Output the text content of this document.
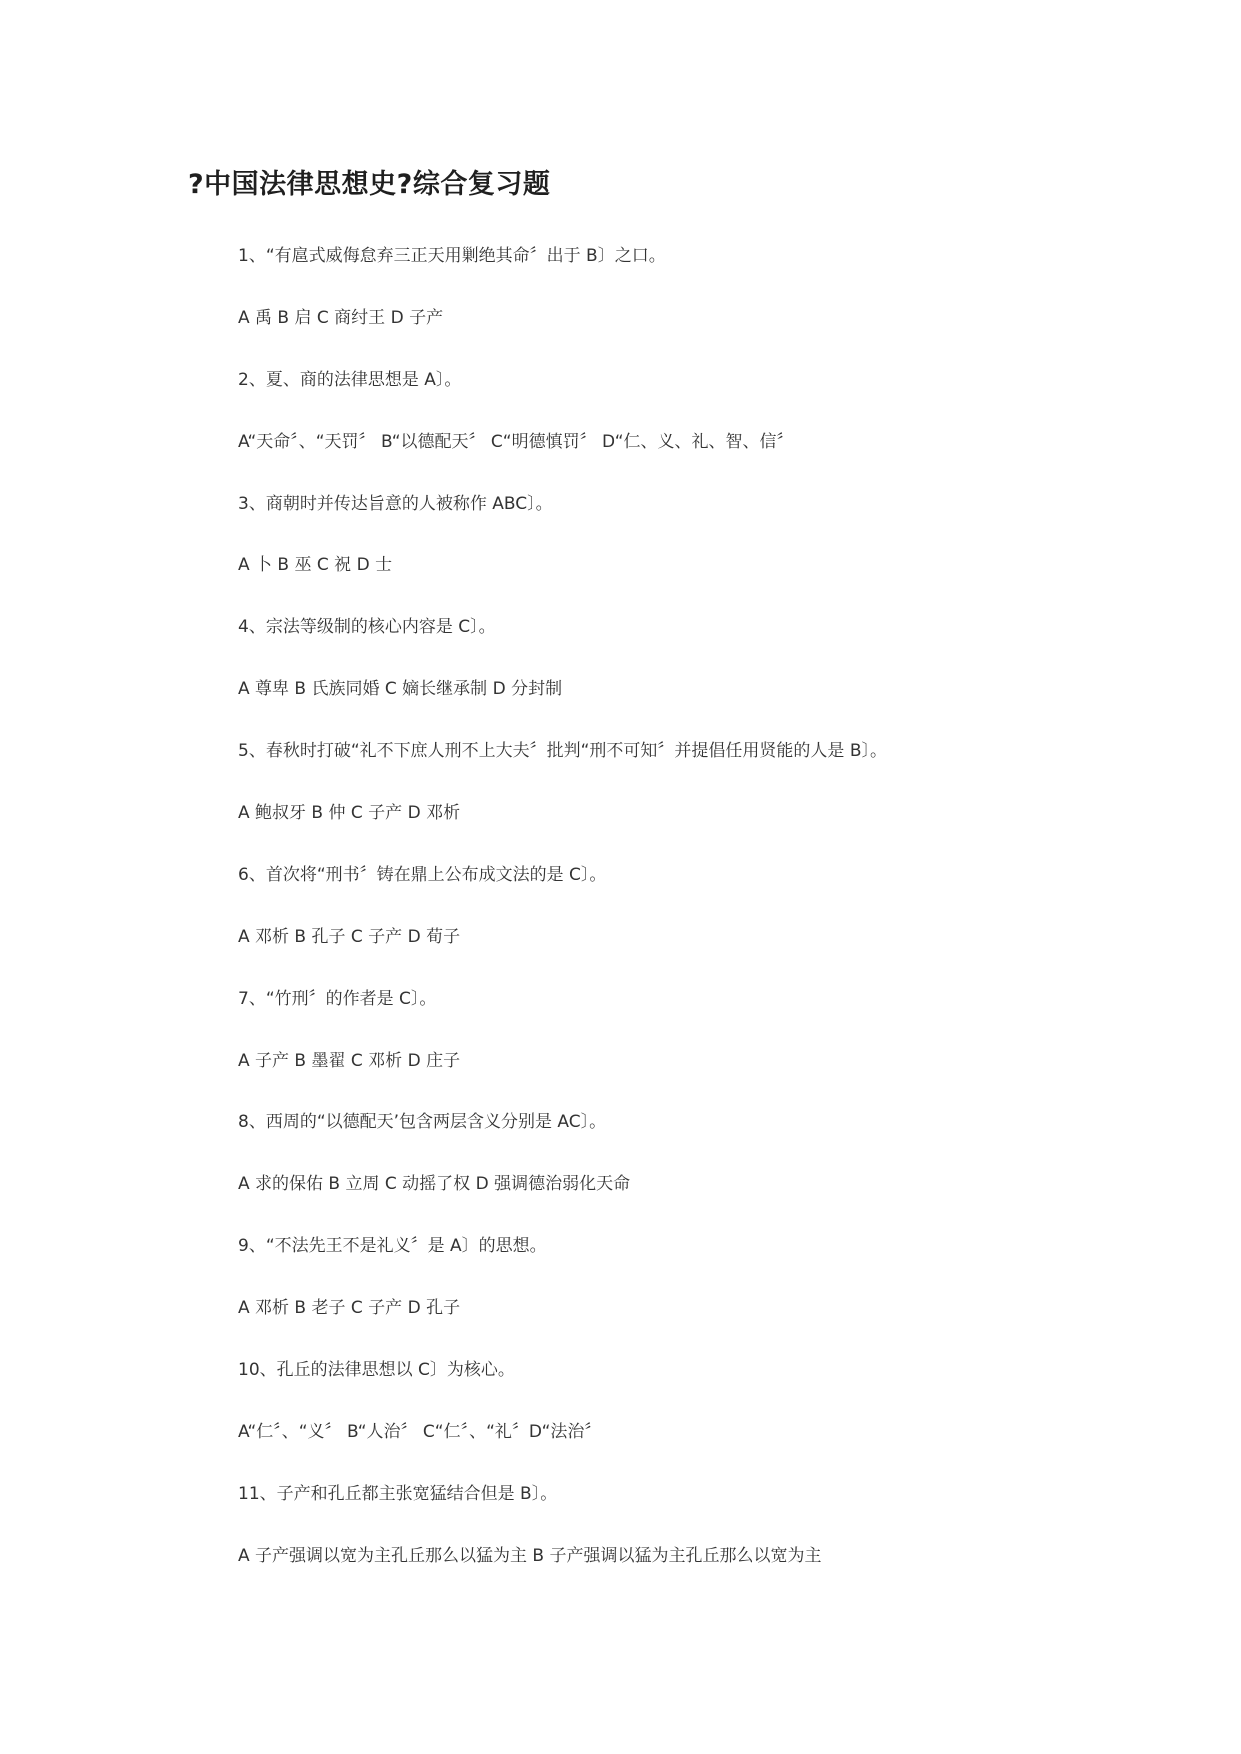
?中国法律思想史?综合复习题
1、“有扈式威侮怠弃三正天用剿绝其命〞出于 B〕之口。
A 禹 B 启 C 商纣王 D 子产
2、夏、商的法律思想是 A〕。
A“天命〞、“天罚〞 B“以德配天〞 C“明德慎罚〞 D“仁、义、礼、智、信〞
3、商朝时并传达旨意的人被称作 ABC〕。
A 卜 B 巫 C 祝 D 士
4、宗法等级制的核心内容是 C〕。
A 尊卑 B 氏族同婚 C 嫡长继承制 D 分封制
5、春秋时打破“礼不下庶人刑不上大夫〞批判“刑不可知〞并提倡任用贤能的人是 B〕。
A 鲍叔牙 B 仲 C 子产 D 邓析
6、首次将“刑书〞铸在鼎上公布成文法的是 C〕。
A 邓析 B 孔子 C 子产 D 荀子
7、“竹刑〞的作者是 C〕。
A 子产 B 墨翟 C 邓析 D 庄子
8、西周的“以德配天’包含两层含义分别是 AC〕。
A 求的保佑 B 立周 C 动摇了权 D 强调德治弱化天命
9、“不法先王不是礼义〞是 A〕的思想。
A 邓析 B 老子 C 子产 D 孔子
10、孔丘的法律思想以 C〕为核心。
A“仁〞、“义〞 B“人治〞 C“仁〞、“礼〞D“法治〞
11、子产和孔丘都主张宽猛结合但是 B〕。
A 子产强调以宽为主孔丘那么以猛为主 B 子产强调以猛为主孔丘那么以宽为主
